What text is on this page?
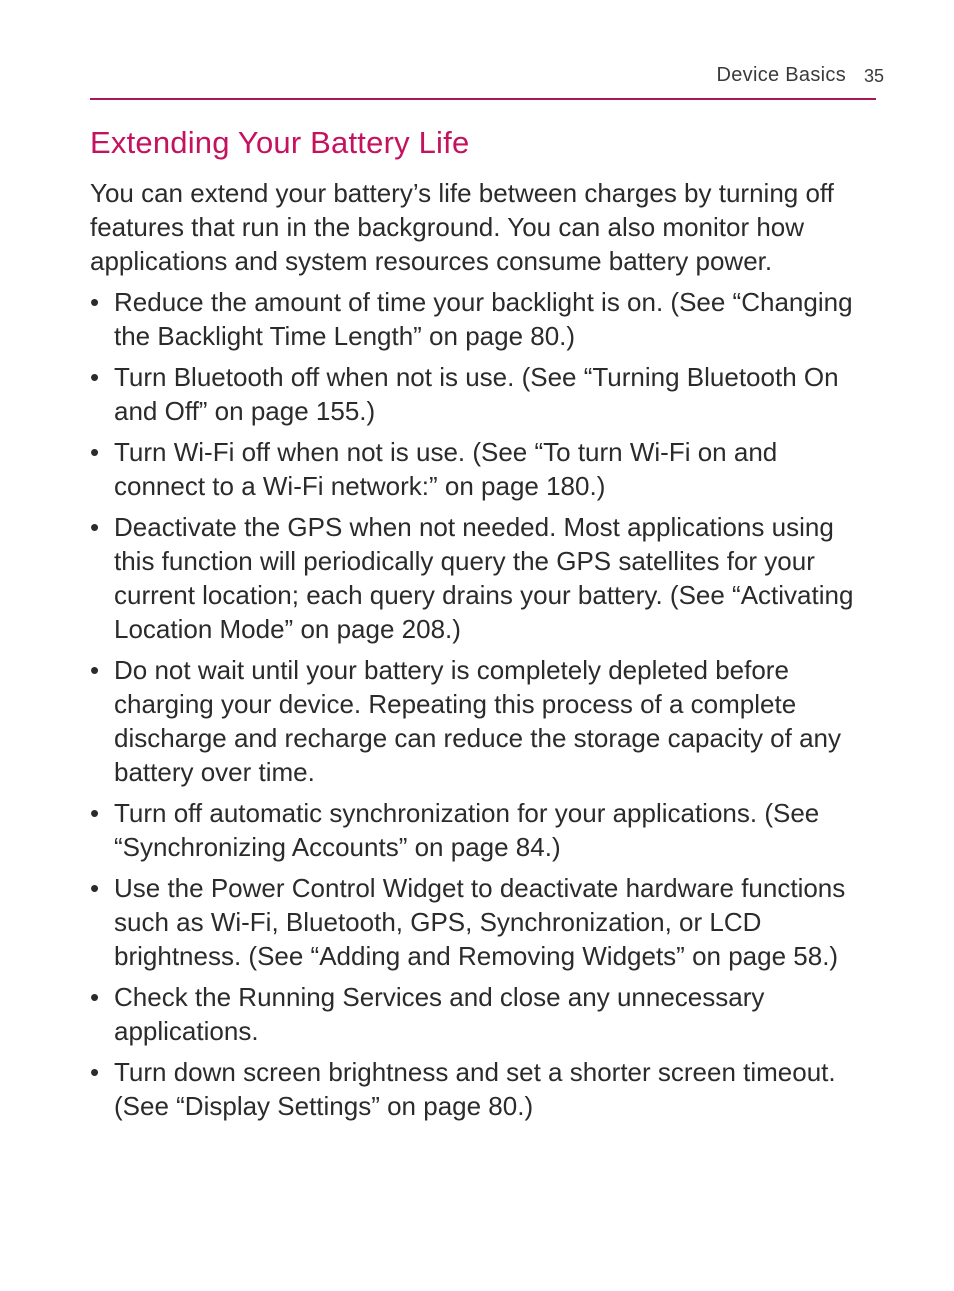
Device Basics 35
Extending Your Battery Life

You can extend your battery’s life between charges by turning off features that run in the background. You can also monitor how applications and system resources consume battery power.

• Reduce the amount of time your backlight is on. (See “Changing the Backlight Time Length” on page 80.)
• Turn Bluetooth off when not is use. (See “Turning Bluetooth On and Off” on page 155.)
• Turn Wi-Fi off when not is use. (See “To turn Wi-Fi on and connect to a Wi-Fi network:” on page 180.)
• Deactivate the GPS when not needed. Most applications using this function will periodically query the GPS satellites for your current location; each query drains your battery. (See “Activating Location Mode” on page 208.)
• Do not wait until your battery is completely depleted before charging your device. Repeating this process of a complete discharge and recharge can reduce the storage capacity of any battery over time.
• Turn off automatic synchronization for your applications. (See “Synchronizing Accounts” on page 84.)
• Use the Power Control Widget to deactivate hardware functions such as Wi-Fi, Bluetooth, GPS, Synchronization, or LCD brightness. (See “Adding and Removing Widgets” on page 58.)
• Check the Running Services and close any unnecessary applications.
• Turn down screen brightness and set a shorter screen timeout. (See “Display Settings” on page 80.)
